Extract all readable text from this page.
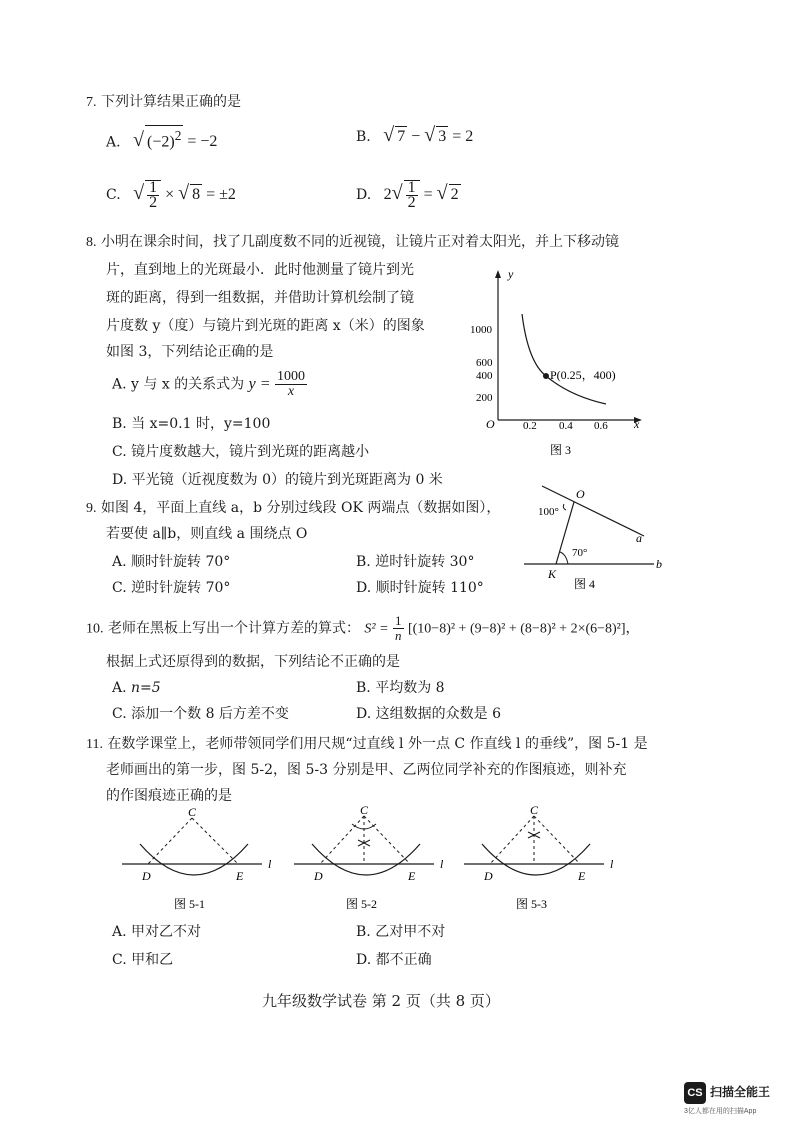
7. 下列计算结果正确的是
A. √ $(-2)^2 = -2$	B. √ 7 − √ 3 = 2
C. √ $\frac{1}{2}$ × √ 8 = ±2	D. $2√ \frac{1}{2}$ = √ 2
8. 小明在课余时间，找了几副度数不同的近视镜，让镜片正对着太阳光，并上下移动镜
片，直到地上的光斑最小．此时他测量了镜片到光
斑的距离，得到一组数据，并借助计算机绘制了镜
片度数 y（度）与镜片到光斑的距离 x（米）的图象
如图 3，下列结论正确的是
A. y 与 x 的关系式为 $y = \frac{1000}{x}$
B. 当 x=0.1 时，y=100
C. 镜片度数越大，镜片到光斑的距离越小
D. 平光镜（近视度数为 0）的镜片到光斑距离为 0 米
y
x
O
1000
600
400
200
0.2 0.4 0.6
P(0.25，400)
图 3
9. 如图 4，平面上直线 a，b 分别过线段 OK 两端点（数据如图），
若要使 a∥b，则直线 a 围绕点 O
A. 顺时针旋转 70°	B. 逆时针旋转 30°
C. 逆时针旋转 70°	D. 顺时针旋转 110°
O
K
a
b
100°
70°
图 4
10. 老师在黑板上写出一个计算方差的算式： $S^2 = \frac{1}{n} [(10-8)^2 + (9-8)^2 + (8-8)^2 + 2\times(6-8)^2]$，
根据上式还原得到的数据，下列结论不正确的是
A. n=5	B. 平均数为 8
C. 添加一个数 8 后方差不变	D. 这组数据的众数是 6
11. 在数学课堂上，老师带领同学们用尺规“过直线 l 外一点 C 作直线 l 的垂线”，图 5-1 是
老师画出的第一步，图 5-2，图 5-3 分别是甲、乙两位同学补充的作图痕迹，则补充
的作图痕迹正确的是
C
D	E
l
图 5-1
C
D	E
l
图 5-2
C
D	E
l
图 5-3
A. 甲对乙不对	B. 乙对甲不对
C. 甲和乙	D. 都不正确
九年级数学试卷 第 2 页（共 8 页）
CS 扫描全能王
3亿人都在用的扫描App
